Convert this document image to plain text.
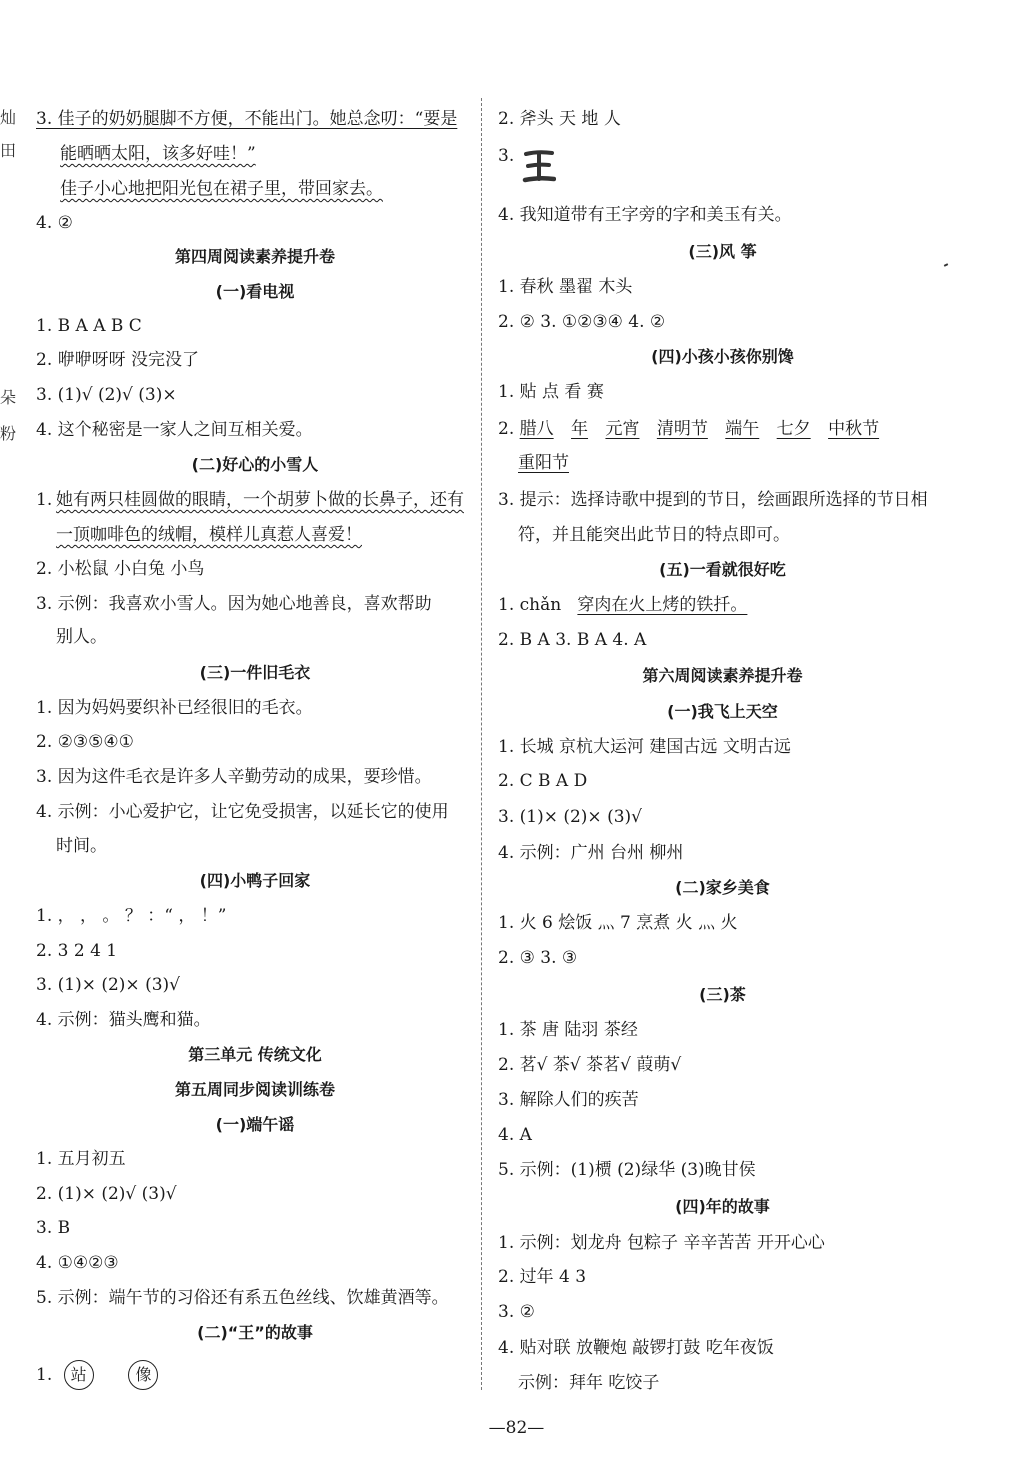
灿
田
朵
粉
3. 佳子的奶奶腿脚不方便，不能出门。她总念叨：“要是
能晒晒太阳，该多好哇！”
佳子小心地把阳光包在裙子里，带回家去。
4. ②
第四周阅读素养提升卷
(一)看电视
1. B A A B C
2. 咿咿呀呀 没完没了
3. (1)√ (2)√ (3)×
4. 这个秘密是一家人之间互相关爱。
(二)好心的小雪人
1. 她有两只桂圆做的眼睛，一个胡萝卜做的长鼻子，还有
一顶咖啡色的绒帽，模样儿真惹人喜爱！
2. 小松鼠 小白兔 小鸟
3. 示例：我喜欢小雪人。因为她心地善良，喜欢帮助
别人。
(三)一件旧毛衣
1. 因为妈妈要织补已经很旧的毛衣。
2. ②③⑤④①
3. 因为这件毛衣是许多人辛勤劳动的成果，要珍惜。
4. 示例：小心爱护它，让它免受损害，以延长它的使用
时间。
(四)小鸭子回家
1. ， ， 。 ？ ：“ ， ！”
2. 3 2 4 1
3. (1)× (2)× (3)√
4. 示例：猫头鹰和猫。
第三单元 传统文化
第五周同步阅读训练卷
(一)端午谣
1. 五月初五
2. (1)× (2)√ (3)√
3. B
4. ①④②③
5. 示例：端午节的习俗还有系五色丝线、饮雄黄酒等。
(二)“王”的故事
1. 站	像
2. 斧头 天 地 人
3.
4. 我知道带有王字旁的字和美玉有关。
(三)风 筝
1. 春秋 墨翟 木头
2. ② 3. ①②③④ 4. ②
(四)小孩小孩你别馋
1. 贴 点 看 赛
2. 腊八 年 元宵 清明节 端午 七夕 中秋节
重阳节
3. 提示：选择诗歌中提到的节日，绘画跟所选择的节日相
符，并且能突出此节日的特点即可。
(五)一看就很好吃
1. chǎn 穿肉在火上烤的铁扦。
2. B A 3. B A 4. A
第六周阅读素养提升卷
(一)我飞上天空
1. 长城 京杭大运河 建国古远 文明古远
2. C B A D
3. (1)× (2)× (3)√
4. 示例：广州 台州 柳州
(二)家乡美食
1. 火 6 烩饭 灬 7 烹煮 火 灬 火
2. ③ 3. ③
(三)茶
1. 茶 唐 陆羽 茶经
2. 茗√ 茶√ 茶茗√ 葭萌√
3. 解除人们的疾苦
4. A
5. 示例：(1)槚 (2)绿华 (3)晚甘侯
(四)年的故事
1. 示例：划龙舟 包粽子 辛辛苦苦 开开心心
2. 过年 4 3
3. ②
4. 贴对联 放鞭炮 敲锣打鼓 吃年夜饭
示例：拜年 吃饺子
—82—
